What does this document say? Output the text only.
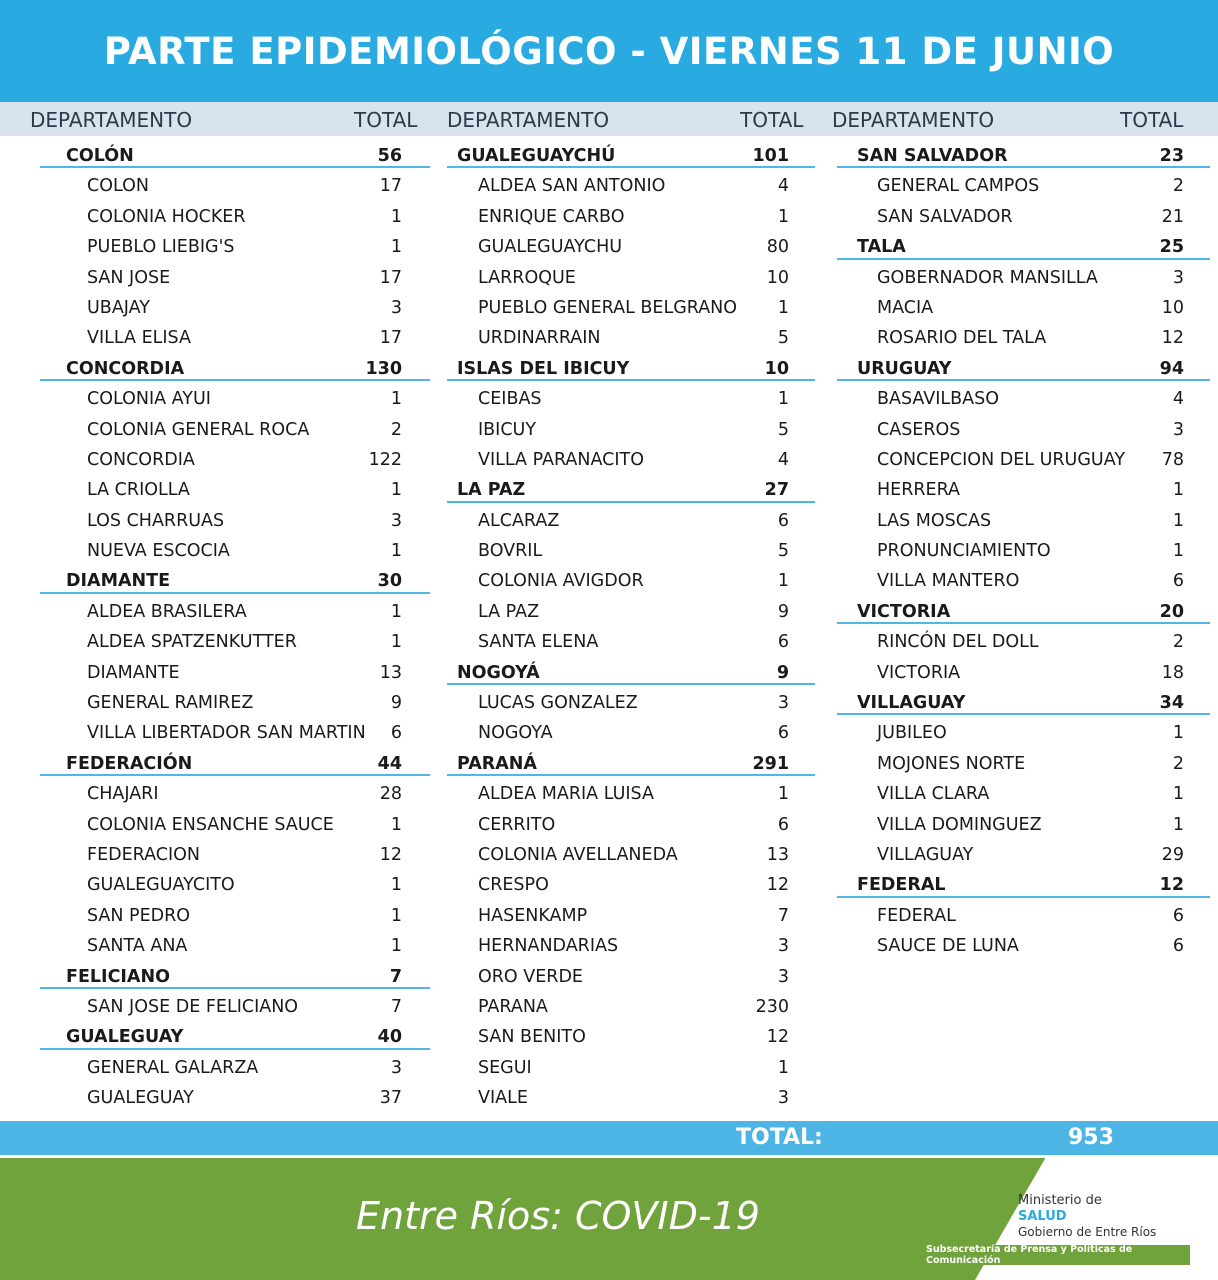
PARTE EPIDEMIOLÓGICO - VIERNES 11 DE JUNIO
DEPARTAMENTO	TOTAL DEPARTAMENTO	TOTAL DEPARTAMENTO	TOTAL
COLÓN	56
COLON	17
COLONIA HOCKER	1
PUEBLO LIEBIG'S	1
SAN JOSE	17
UBAJAY	3
VILLA ELISA	17
CONCORDIA	130
COLONIA AYUI	1
COLONIA GENERAL ROCA	2
CONCORDIA	122
LA CRIOLLA	1
LOS CHARRUAS	3
NUEVA ESCOCIA	1
DIAMANTE	30
ALDEA BRASILERA	1
ALDEA SPATZENKUTTER	1
DIAMANTE	13
GENERAL RAMIREZ	9
VILLA LIBERTADOR SAN MARTIN 6
FEDERACIÓN	44
CHAJARI	28
COLONIA ENSANCHE SAUCE	1
FEDERACION	12
GUALEGUAYCITO	1
SAN PEDRO	1
SANTA ANA	1
FELICIANO	7
SAN JOSE DE FELICIANO	7
GUALEGUAY	40
GENERAL GALARZA	3
GUALEGUAY	37
GUALEGUAYCHÚ	101
ALDEA SAN ANTONIO	4
ENRIQUE CARBO	1
GUALEGUAYCHU	80
LARROQUE	10
PUEBLO GENERAL BELGRANO 1
URDINARRAIN	5
ISLAS DEL IBICUY	10
CEIBAS	1
IBICUY	5
VILLA PARANACITO	4
LA PAZ	27
ALCARAZ	6
BOVRIL	5
COLONIA AVIGDOR	1
LA PAZ	9
SANTA ELENA	6
NOGOYÁ	9
LUCAS GONZALEZ	3
NOGOYA	6
PARANÁ	291
ALDEA MARIA LUISA	1
CERRITO	6
COLONIA AVELLANEDA	13
CRESPO	12
HASENKAMP	7
HERNANDARIAS	3
ORO VERDE	3
PARANA	230
SAN BENITO	12
SEGUI	1
VIALE	3
SAN SALVADOR	23
GENERAL CAMPOS	2
SAN SALVADOR	21
TALA	25
GOBERNADOR MANSILLA	3
MACIA	10
ROSARIO DEL TALA	12
URUGUAY	94
BASAVILBASO	4
CASEROS	3
CONCEPCION DEL URUGUAY 78
HERRERA	1
LAS MOSCAS	1
PRONUNCIAMIENTO	1
VILLA MANTERO	6
VICTORIA	20
RINCÓN DEL DOLL	2
VICTORIA	18
VILLAGUAY	34
JUBILEO	1
MOJONES NORTE	2
VILLA CLARA	1
VILLA DOMINGUEZ	1
VILLAGUAY	29
FEDERAL	12
FEDERAL	6
SAUCE DE LUNA	6
TOTAL:	953
Entre Ríos: COVID-19	er Ministerio de
SALUD
Gobierno de Entre Ríos
Subsecretaría de Prensa y Políticas de Comunicación
